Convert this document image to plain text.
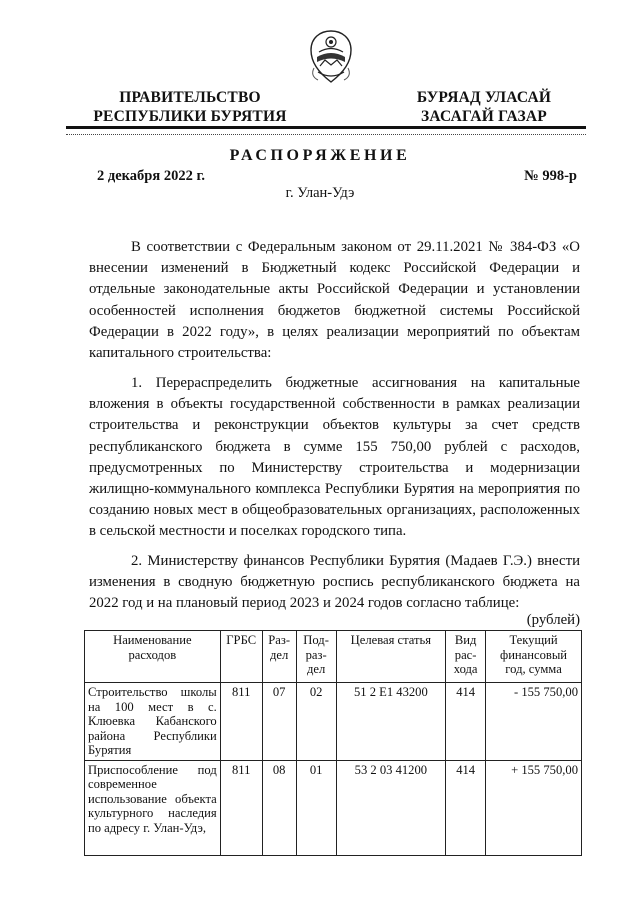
ПРАВИТЕЛЬСТВО
РЕСПУБЛИКИ БУРЯТИЯ
БУРЯАД УЛАСАЙ
ЗАСАГАЙ ГАЗАР
РАСПОРЯЖЕНИЕ
2 декабря 2022 г.	№ 998-р
г. Улан-Удэ
В соответствии с Федеральным законом от 29.11.2021 № 384-ФЗ «О внесении изменений в Бюджетный кодекс Российской Федерации и отдельные законодательные акты Российской Федерации и установлении особенностей исполнения бюджетов бюджетной системы Российской Федерации в 2022 году», в целях реализации мероприятий по объектам капитального строительства:
1. Перераспределить бюджетные ассигнования на капитальные вложения в объекты государственной собственности в рамках реализации строительства и реконструкции объектов культуры за счет средств республиканского бюджета в сумме 155 750,00 рублей с расходов, предусмотренных по Министерству строительства и модернизации жилищно-коммунального комплекса Республики Бурятия на мероприятия по созданию новых мест в общеобразовательных организациях, расположенных в сельской местности и поселках городского типа.
2. Министерству финансов Республики Бурятия (Мадаев Г.Э.) внести изменения в сводную бюджетную роспись республиканского бюджета на 2022 год и на плановый период 2023 и 2024 годов согласно таблице:
(рублей)
Наименование расходов	ГРБС	Раз-дел	Под-раз-дел	Целевая статья	Вид рас-хода	Текущий финансовый год, сумма
Строительство школы на 100 мест в с. Клюевка Кабанского района Республики Бурятия	811	07	02	51 2 E1 43200	414	- 155 750,00
Приспособление под современное использование объекта культурного наследия по адресу г. Улан-Удэ,	811	08	01	53 2 03 41200	414	+ 155 750,00
